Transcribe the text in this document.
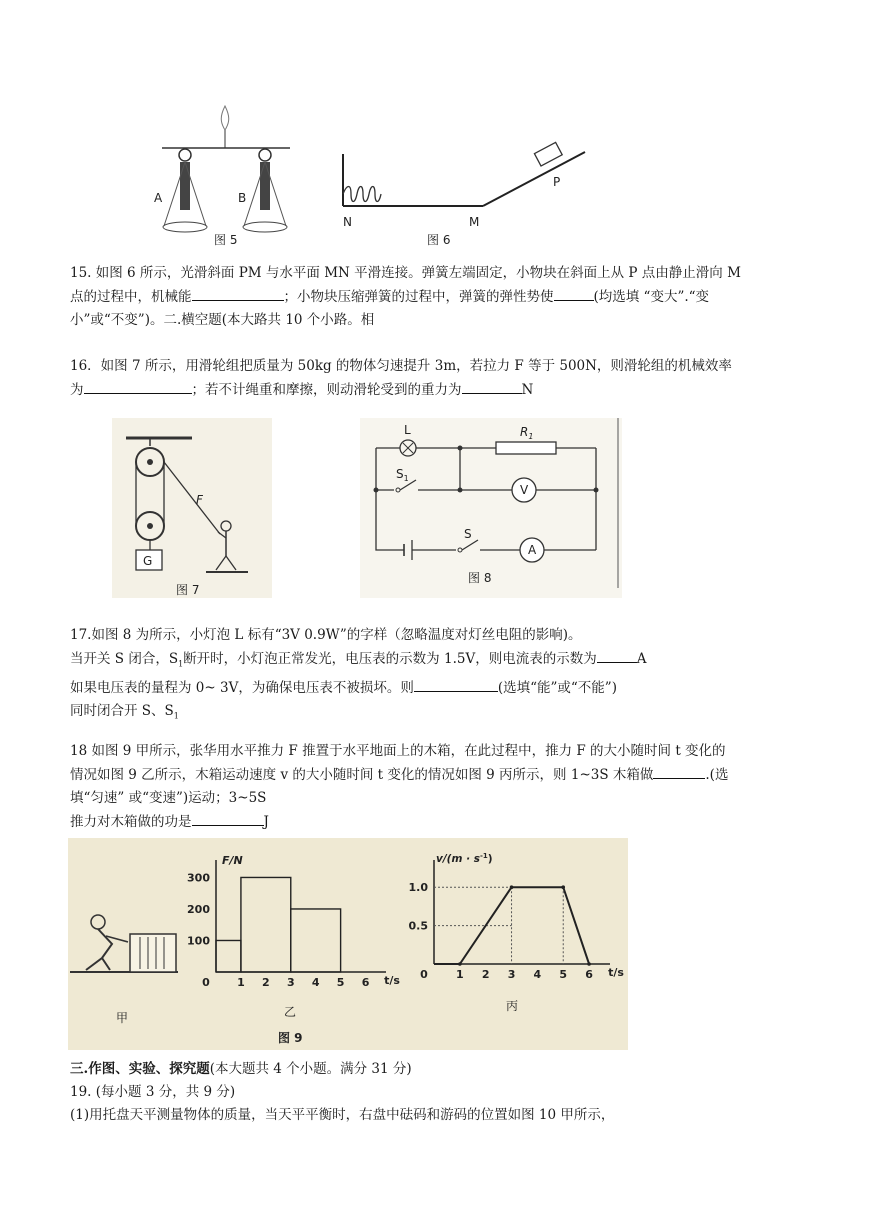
A	B
图 5
N	M
P
图 6
15. 如图 6 所示，光滑斜面 PM 与水平面 MN 平滑连接。弹簧左端固定，小物块在斜面上从 P 点由静止滑向 M
点的过程中，机械能	；小物块压缩弹簧的过程中，弹簧的弹性势使	(均选填 “变大”.“变
小”或“不变”)。二.横空题(本大路共 10 个小路。相
16．如图 7 所示，用滑轮组把质量为 50kg 的物体匀速提升 3m，若拉力 F 等于 500N，则滑轮组的机械效率
为	；若不计绳重和摩擦，则动滑轮受到的重力为	N
G
F
图 7
L	$R_1$
$S_1$
S
V
A
图 8
17.如图 8 为所示，小灯泡 L 标有“3V 0.9W”的字样（忽略温度对灯丝电阻的影响)。
当开关 S 闭合，$S_1$断开时，小灯泡正常发光，电压表的示数为 1.5V，则电流表的示数为	A
如果电压表的量程为 0~ 3V，为确保电压表不被损坏。则	(选填“能”或“不能”)
同时闭合开 S、$S_1$
18 如图 9 甲所示，张华用水平推力 F 推置于水平地面上的木箱，在此过程中，推力 F 的大小随时间 t 变化的
情况如图 9 乙所示，木箱运动速度 v 的大小随时间 t 变化的情况如图 9 丙所示，则 1~3S 木箱做	.(选
填“匀速” 或“变速”)运动；3~5S
推力对木箱做的功是	J
甲
0 1 2 3 4 5 6
100
200
300
t/s
F/N
0	1 2 3 4 5 6
0.5
1.0
t/s
$v/(m \cdot s^{-1})$
乙	丙
图 9
三.作图、实验、探究题(本大题共 4 个小题。满分 31 分)
19. (每小题 3 分，共 9 分)
(1)用托盘天平测量物体的质量，当天平平衡时，右盘中砝码和游码的位置如图 10 甲所示，
